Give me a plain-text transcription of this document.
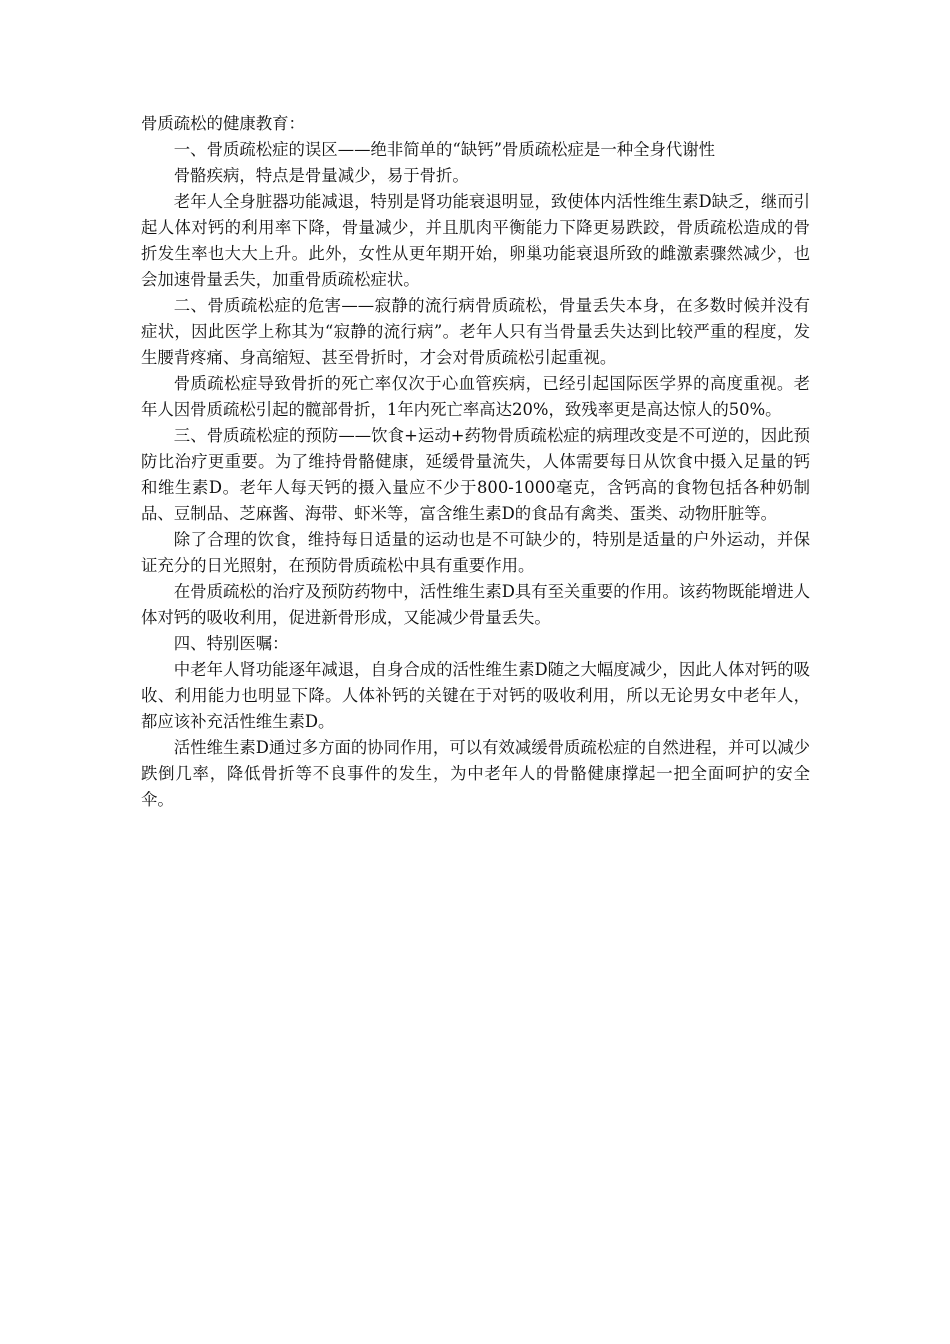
骨质疏松的健康教育：

一、骨质疏松症的误区——绝非简单的“缺钙”骨质疏松症是一种全身代谢性

骨骼疾病，特点是骨量减少，易于骨折。

老年人全身脏器功能减退，特别是肾功能衰退明显，致使体内活性维生素D缺乏，继而引起人体对钙的利用率下降，骨量减少，并且肌肉平衡能力下降更易跌跤，骨质疏松造成的骨折发生率也大大上升。此外，女性从更年期开始，卵巢功能衰退所致的雌激素骤然减少，也会加速骨量丢失，加重骨质疏松症状。

二、骨质疏松症的危害——寂静的流行病骨质疏松，骨量丢失本身，在多数时候并没有症状，因此医学上称其为“寂静的流行病”。老年人只有当骨量丢失达到比较严重的程度，发生腰背疼痛、身高缩短、甚至骨折时，才会对骨质疏松引起重视。

骨质疏松症导致骨折的死亡率仅次于心血管疾病，已经引起国际医学界的高度重视。老年人因骨质疏松引起的髋部骨折，1年内死亡率高达20%，致残率更是高达惊人的50%。

三、骨质疏松症的预防——饮食+运动+药物骨质疏松症的病理改变是不可逆的，因此预防比治疗更重要。为了维持骨骼健康，延缓骨量流失，人体需要每日从饮食中摄入足量的钙和维生素D。老年人每天钙的摄入量应不少于800-1000毫克，含钙高的食物包括各种奶制品、豆制品、芝麻酱、海带、虾米等，富含维生素D的食品有禽类、蛋类、动物肝脏等。

除了合理的饮食，维持每日适量的运动也是不可缺少的，特别是适量的户外运动，并保证充分的日光照射，在预防骨质疏松中具有重要作用。

在骨质疏松的治疗及预防药物中，活性维生素D具有至关重要的作用。该药物既能增进人体对钙的吸收利用，促进新骨形成，又能减少骨量丢失。

四、特别医嘱：

中老年人肾功能逐年减退，自身合成的活性维生素D随之大幅度减少，因此人体对钙的吸收、利用能力也明显下降。人体补钙的关键在于对钙的吸收利用，所以无论男女中老年人，都应该补充活性维生素D。

活性维生素D通过多方面的协同作用，可以有效减缓骨质疏松症的自然进程，并可以减少跌倒几率，降低骨折等不良事件的发生，为中老年人的骨骼健康撑起一把全面呵护的安全伞。
